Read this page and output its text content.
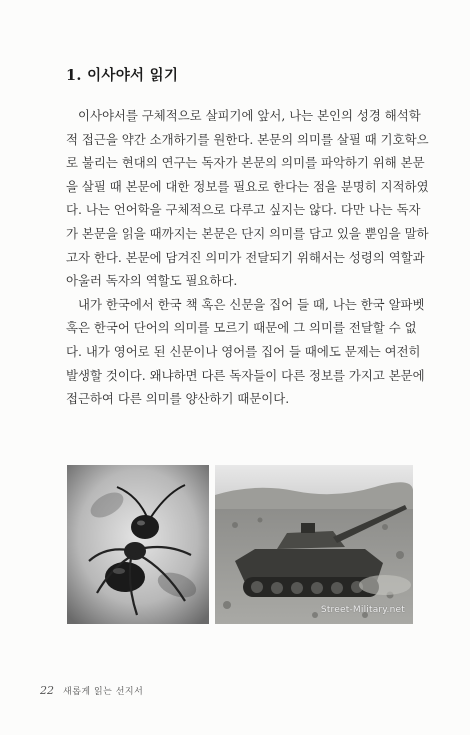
1. 이사야서 읽기

이사야서를 구체적으로 살피기에 앞서, 나는 본인의 성경 해석학
적 접근을 약간 소개하기를 원한다. 본문의 의미를 살필 때 기호학으
로 불리는 현대의 연구는 독자가 본문의 의미를 파악하기 위해 본문
을 살필 때 본문에 대한 정보를 필요로 한다는 점을 분명히 지적하였
다. 나는 언어학을 구체적으로 다루고 싶지는 않다. 다만 나는 독자
가 본문을 읽을 때까지는 본문은 단지 의미를 담고 있을 뿐임을 말하
고자 한다. 본문에 담겨진 의미가 전달되기 위해서는 성령의 역할과
아울러 독자의 역할도 필요하다.

내가 한국에서 한국 책 혹은 신문을 집어 들 때, 나는 한국 알파벳
혹은 한국어 단어의 의미를 모르기 때문에 그 의미를 전달할 수 없
다. 내가 영어로 된 신문이나 영어를 집어 들 때에도 문제는 여전히
발생할 것이다. 왜냐하면 다른 독자들이 다른 정보를 가지고 본문에
접근하여 다른 의미를 양산하기 때문이다.

Street-Military.net
22 새롭게 읽는 선지서
